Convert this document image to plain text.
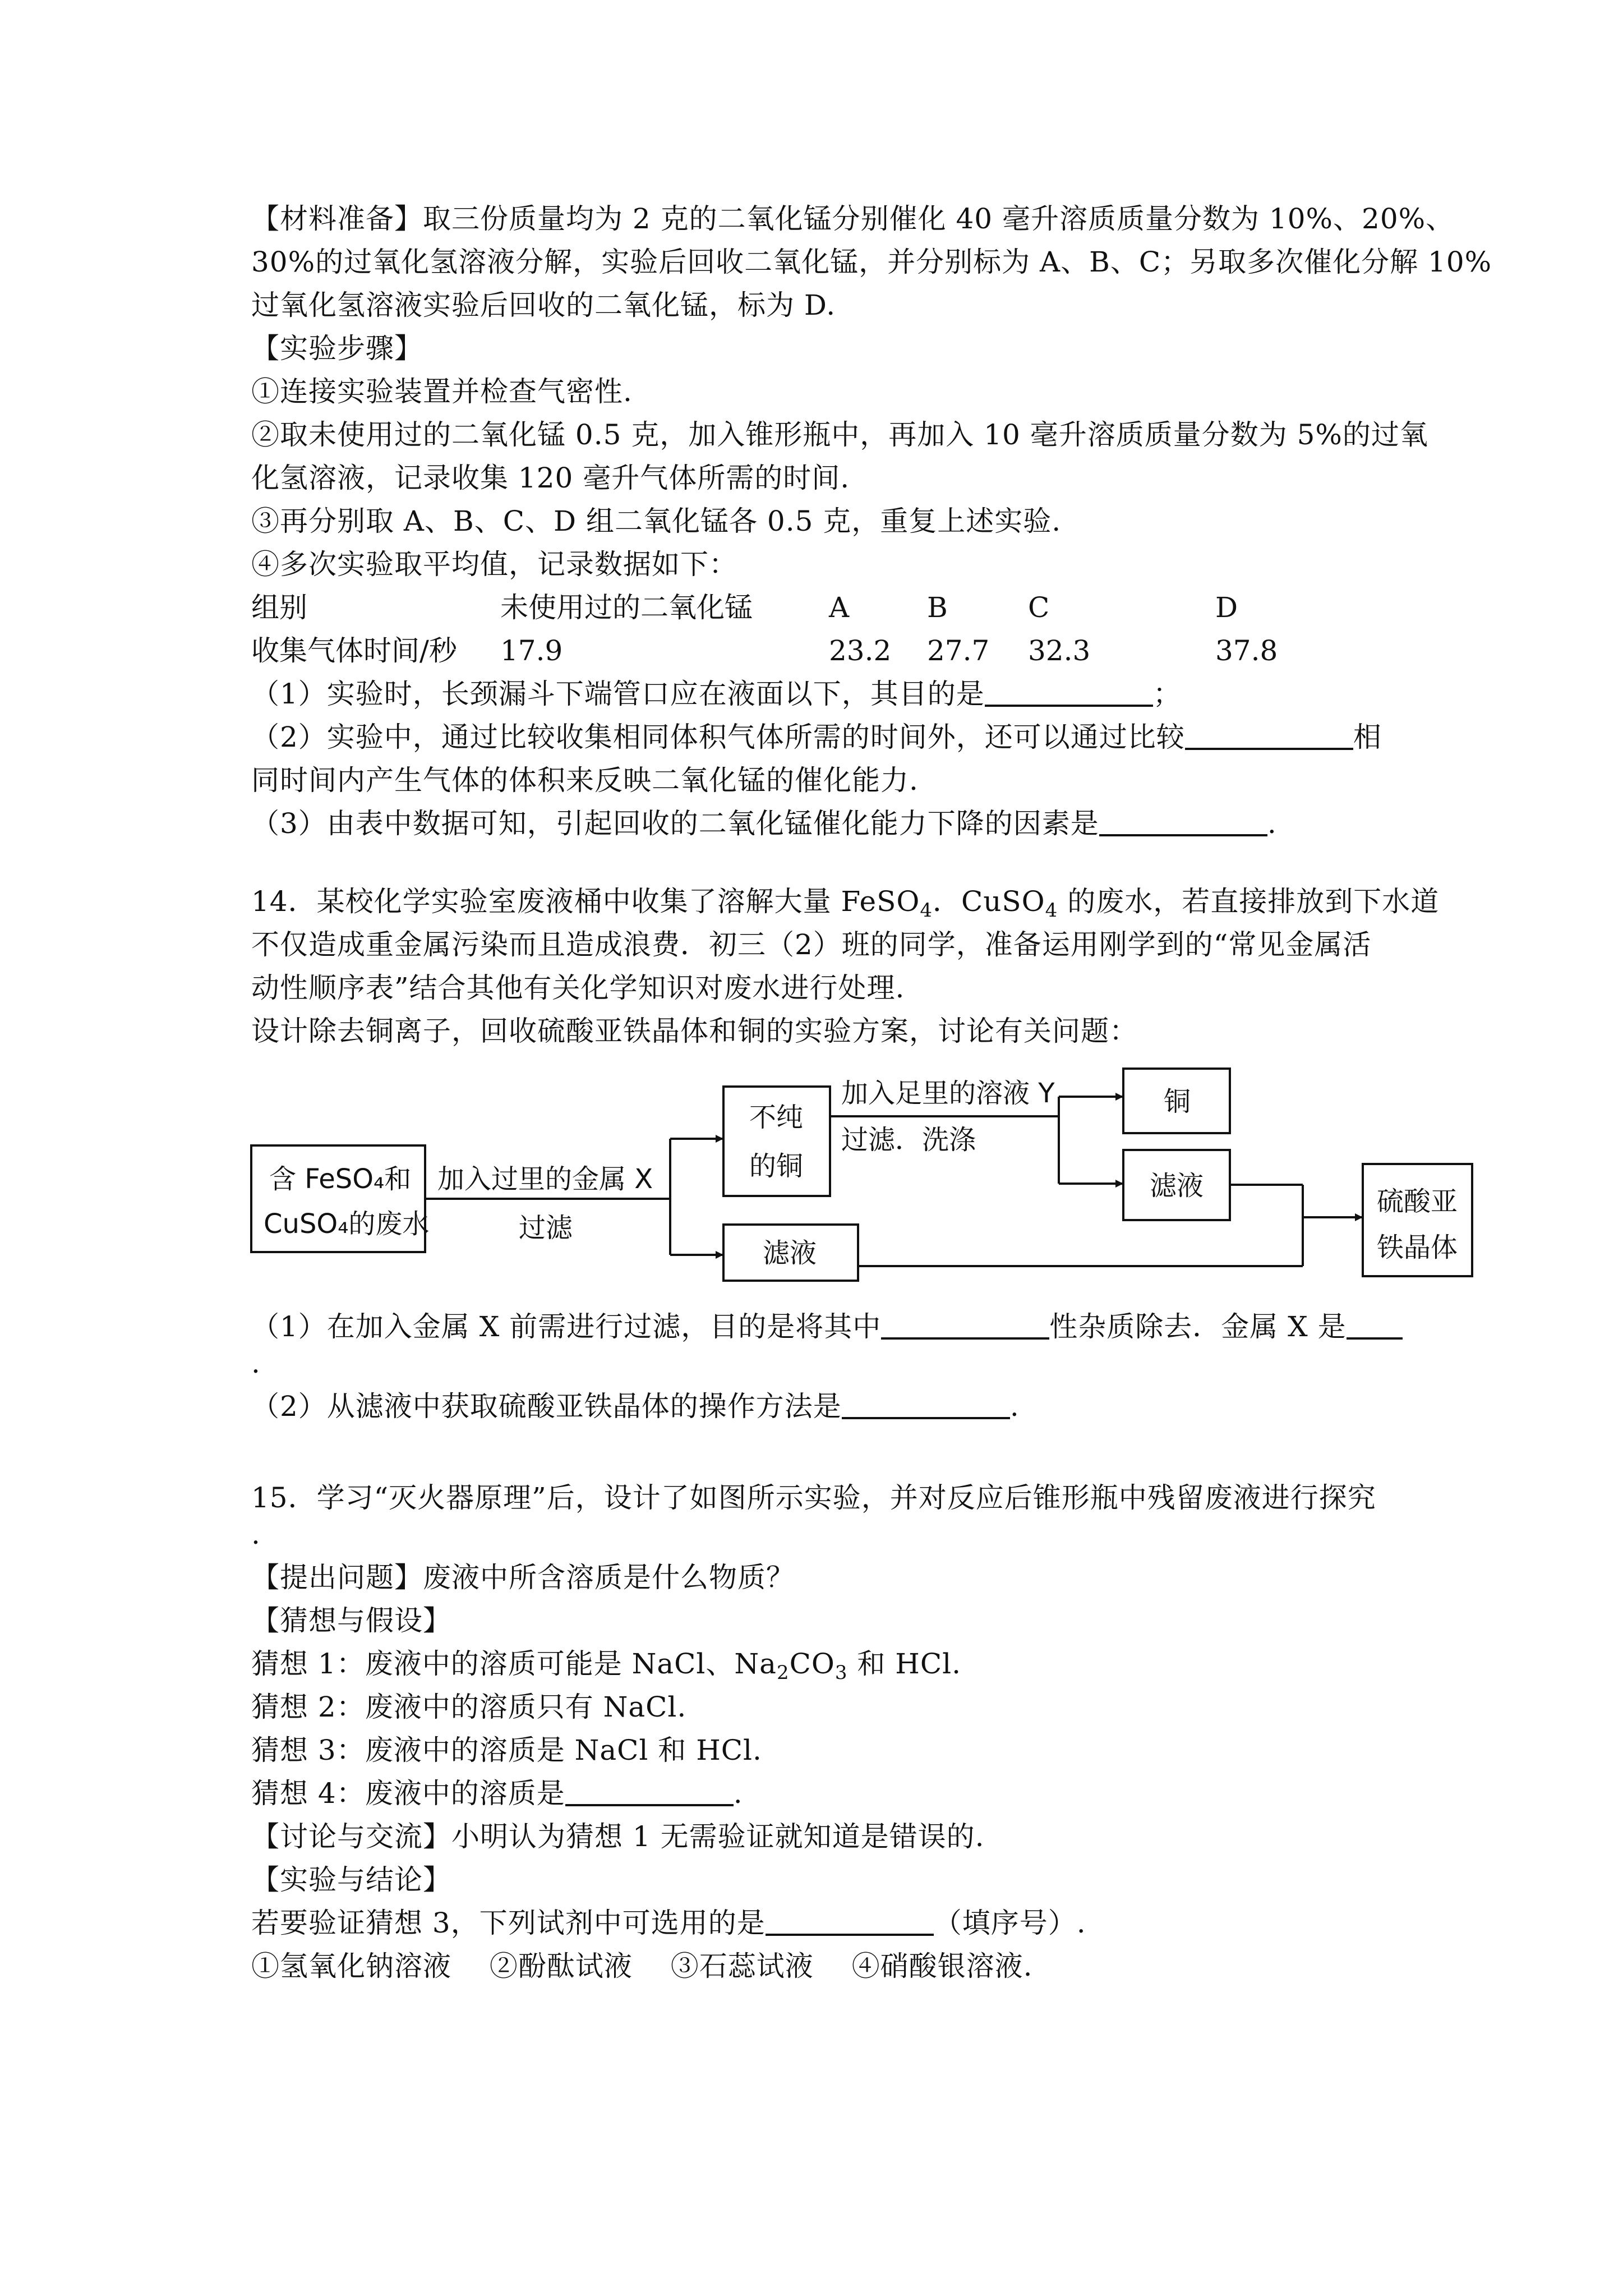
【材料准备】取三份质量均为 2 克的二氧化锰分别催化 40 毫升溶质质量分数为 10%、20%、
30%的过氧化氢溶液分解，实验后回收二氧化锰，并分别标为 A、B、C；另取多次催化分解 10%
过氧化氢溶液实验后回收的二氧化锰，标为 D.
【实验步骤】
①连接实验装置并检查气密性.
②取未使用过的二氧化锰 0.5 克，加入锥形瓶中，再加入 10 毫升溶质质量分数为 5%的过氧
化氢溶液，记录收集 120 毫升气体所需的时间.
③再分别取 A、B、C、D 组二氧化锰各 0.5 克，重复上述实验.
④多次实验取平均值，记录数据如下：
组别	未使用过的二氧化锰	A	B	C	D
收集气体时间/秒 17.9	23.2 27.7 32.3	37.8
（1）实验时，长颈漏斗下端管口应在液面以下，其目的是	；
（2）实验中，通过比较收集相同体积气体所需的时间外，还可以通过比较	相
同时间内产生气体的体积来反映二氧化锰的催化能力.
（3）由表中数据可知，引起回收的二氧化锰催化能力下降的因素是	.
14．某校化学实验室废液桶中收集了溶解大量 FeSO$_4$．CuSO$_4$ 的废水，若直接排放到下水道
不仅造成重金属污染而且造成浪费．初三（2）班的同学，准备运用刚学到的“常见金属活
动性顺序表”结合其他有关化学知识对废水进行处理.
设计除去铜离子，回收硫酸亚铁晶体和铜的实验方案，讨论有关问题：
含 FeSO₄和
CuSO₄的废水
加入过里的金属 X
过滤
不纯
的铜
加入足里的溶液 Y
过滤．洗涤
铜
滤液
滤液
硫酸亚
铁晶体
（1）在加入金属 X 前需进行过滤，目的是将其中	性杂质除去．金属 X 是
.
（2）从滤液中获取硫酸亚铁晶体的操作方法是	.
15．学习“灭火器原理”后，设计了如图所示实验，并对反应后锥形瓶中残留废液进行探究
.
【提出问题】废液中所含溶质是什么物质？
【猜想与假设】
猜想 1：废液中的溶质可能是 NaCl、$Na_2CO_3$ 和 HCl.
猜想 2：废液中的溶质只有 NaCl.
猜想 3：废液中的溶质是 NaCl 和 HCl.
猜想 4：废液中的溶质是	.
【讨论与交流】小明认为猜想 1 无需验证就知道是错误的.
【实验与结论】
若要验证猜想 3，下列试剂中可选用的是	（填序号）.
①氢氧化钠溶液　 ②酚酞试液　 ③石蕊试液　 ④硝酸银溶液.
